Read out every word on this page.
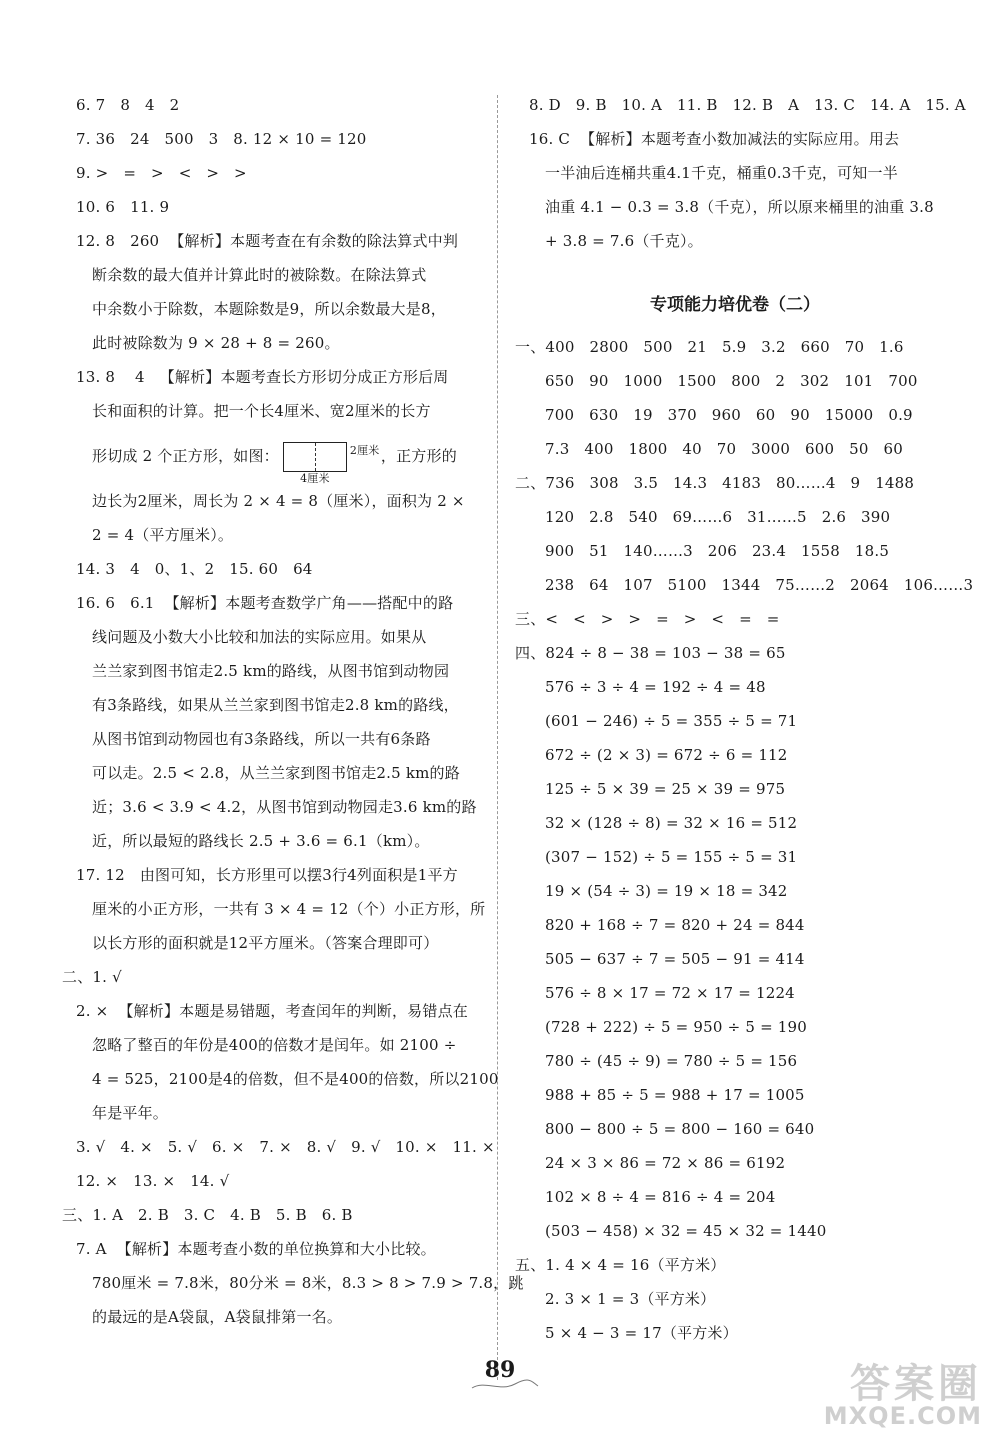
6. 7   8   4   2
7. 36   24   500   3   8. 12 × 10 = 120
9. >   =   >   <   >   >
10. 6   11. 9
12. 8   260  【解析】本题考查在有余数的除法算式中判
断余数的最大值并计算此时的被除数。在除法算式
中余数小于除数，本题除数是9，所以余数最大是8，
此时被除数为 9 × 28 + 8 = 260。
13. 8    4   【解析】本题考查长方形切分成正方形后周
长和面积的计算。把一个长4厘米、宽2厘米的长方
形切成 2 个正方形，如图：	2厘米
4厘米
，正方形的
边长为2厘米，周长为 2 × 4 = 8（厘米），面积为 2 ×
2 = 4（平方厘米）。
14. 3   4   0、1、2   15. 60   64
16. 6   6.1  【解析】本题考查数学广角——搭配中的路
线问题及小数大小比较和加法的实际应用。如果从
兰兰家到图书馆走2.5 km的路线，从图书馆到动物园
有3条路线，如果从兰兰家到图书馆走2.8 km的路线，
从图书馆到动物园也有3条路线，所以一共有6条路
可以走。2.5 < 2.8，从兰兰家到图书馆走2.5 km的路
近；3.6 < 3.9 < 4.2，从图书馆到动物园走3.6 km的路
近，所以最短的路线长 2.5 + 3.6 = 6.1（km）。
17. 12   由图可知，长方形里可以摆3行4列面积是1平方
厘米的小正方形，一共有 3 × 4 = 12（个）小正方形，所
以长方形的面积就是12平方厘米。（答案合理即可）
二、1. √
2. ×  【解析】本题是易错题，考查闰年的判断，易错点在
忽略了整百的年份是400的倍数才是闰年。如 2100 ÷
4 = 525，2100是4的倍数，但不是400的倍数，所以2100
年是平年。
3. √   4. ×   5. √   6. ×   7. ×   8. √   9. √   10. ×   11. ×
12. ×   13. ×   14. √
三、1. A   2. B   3. C   4. B   5. B   6. B
7. A  【解析】本题考查小数的单位换算和大小比较。
780厘米 = 7.8米，80分米 = 8米，8.3 > 8 > 7.9 > 7.8，跳
的最远的是A袋鼠，A袋鼠排第一名。
8. D   9. B   10. A   11. B   12. B   A   13. C   14. A   15. A
16. C  【解析】本题考查小数加减法的实际应用。用去
一半油后连桶共重4.1千克，桶重0.3千克，可知一半
油重 4.1 − 0.3 = 3.8（千克），所以原来桶里的油重 3.8
+ 3.8 = 7.6（千克）。
专项能力培优卷（二）
一、400   2800   500   21   5.9   3.2   660   70   1.6
650   90   1000   1500   800   2   302   101   700
700   630   19   370   960   60   90   15000   0.9
7.3   400   1800   40   70   3000   600   50   60
二、736   308   3.5   14.3   4183   80……4   9   1488
120   2.8   540   69……6   31……5   2.6   390
900   51   140……3   206   23.4   1558   18.5
238   64   107   5100   1344   75……2   2064   106……3
三、<   <   >   >   =   >   <   =   =
四、824 ÷ 8 − 38 = 103 − 38 = 65
576 ÷ 3 ÷ 4 = 192 ÷ 4 = 48
(601 − 246) ÷ 5 = 355 ÷ 5 = 71
672 ÷ (2 × 3) = 672 ÷ 6 = 112
125 ÷ 5 × 39 = 25 × 39 = 975
32 × (128 ÷ 8) = 32 × 16 = 512
(307 − 152) ÷ 5 = 155 ÷ 5 = 31
19 × (54 ÷ 3) = 19 × 18 = 342
820 + 168 ÷ 7 = 820 + 24 = 844
505 − 637 ÷ 7 = 505 − 91 = 414
576 ÷ 8 × 17 = 72 × 17 = 1224
(728 + 222) ÷ 5 = 950 ÷ 5 = 190
780 ÷ (45 ÷ 9) = 780 ÷ 5 = 156
988 + 85 ÷ 5 = 988 + 17 = 1005
800 − 800 ÷ 5 = 800 − 160 = 640
24 × 3 × 86 = 72 × 86 = 6192
102 × 8 ÷ 4 = 816 ÷ 4 = 204
(503 − 458) × 32 = 45 × 32 = 1440
五、1. 4 × 4 = 16（平方米）
2. 3 × 1 = 3（平方米）
5 × 4 − 3 = 17（平方米）
89	答案圈
MXQE.COM
